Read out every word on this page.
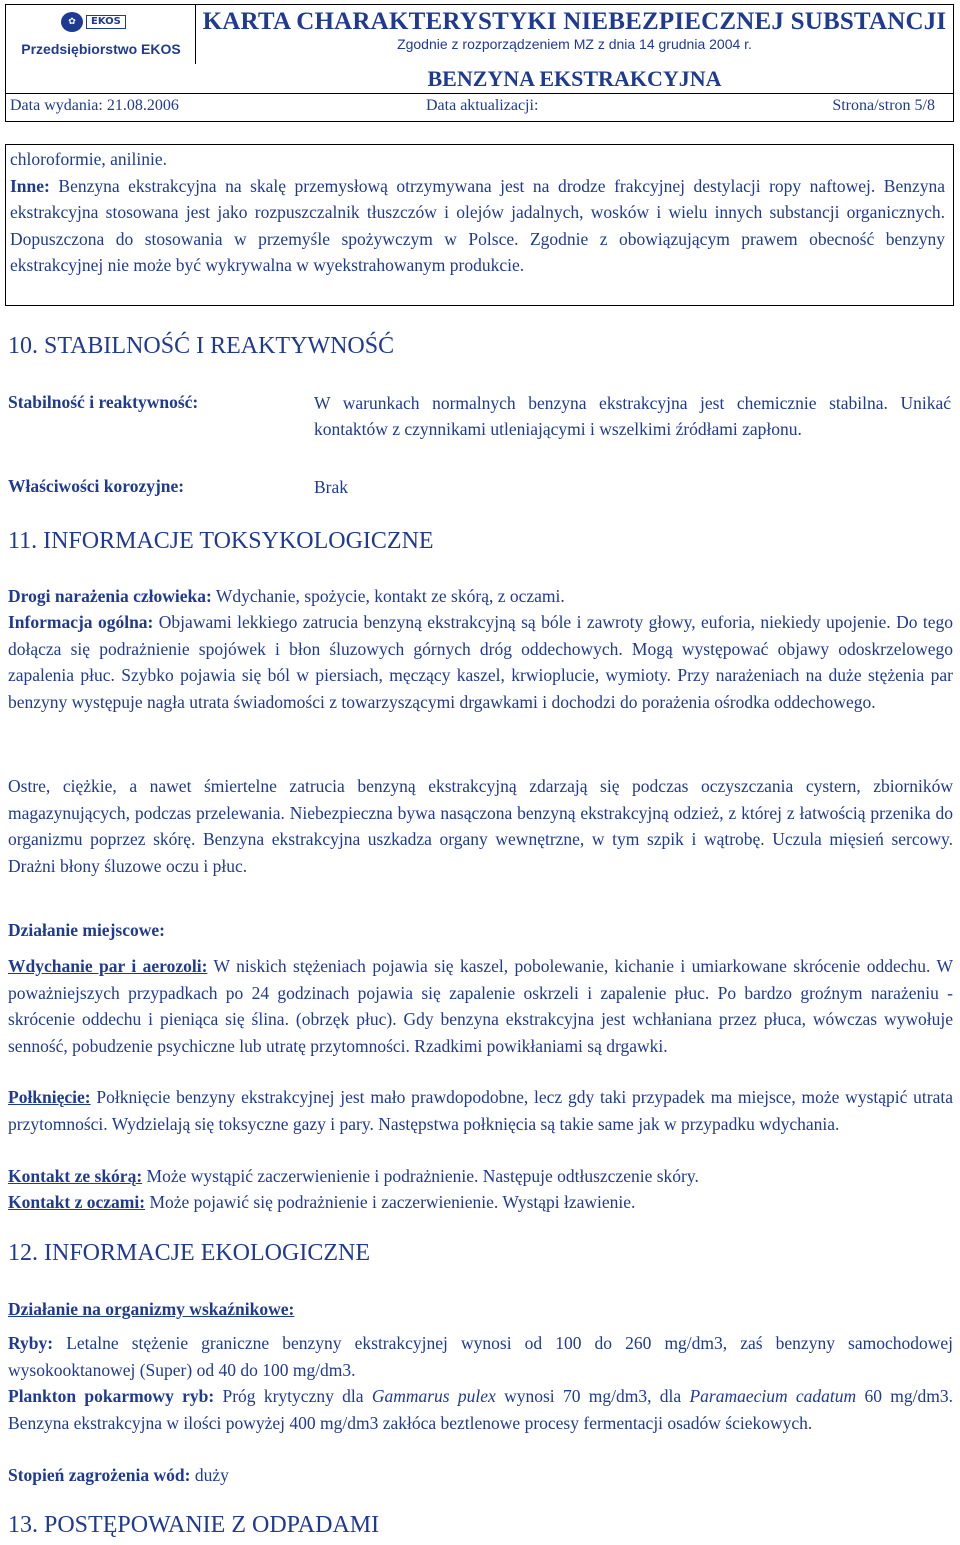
✿	EKOS
Przedsiębiorstwo EKOS
KARTA CHARAKTERYSTYKI NIEBEZPIECZNEJ SUBSTANCJI
Zgodnie z rozporządzeniem MZ z dnia 14 grudnia 2004 r.
BENZYNA EKSTRAKCYJNA
Data wydania: 21.08.2006	Data aktualizacji:	Strona/stron 5/8
chloroformie, anilinie.
Inne: Benzyna ekstrakcyjna na skalę przemysłową otrzymywana jest na drodze frakcyjnej destylacji ropy naftowej. Benzyna ekstrakcyjna stosowana jest jako rozpuszczalnik tłuszczów i olejów jadalnych, wosków i wielu innych substancji organicznych. Dopuszczona do stosowania w przemyśle spożywczym w Polsce. Zgodnie z obowiązującym prawem obecność benzyny ekstrakcyjnej nie może być wykrywalna w wyekstrahowanym produkcie.
10. STABILNOŚĆ I REAKTYWNOŚĆ
Stabilność i reaktywność:	W warunkach normalnych benzyna ekstrakcyjna jest chemicznie stabilna. Unikać kontaktów z czynnikami utleniającymi i wszelkimi źródłami zapłonu.
Właściwości korozyjne:	Brak
11. INFORMACJE TOKSYKOLOGICZNE
Drogi narażenia człowieka: Wdychanie, spożycie, kontakt ze skórą, z oczami.
Informacja ogólna: Objawami lekkiego zatrucia benzyną ekstrakcyjną są bóle i zawroty głowy, euforia, niekiedy upojenie. Do tego dołącza się podrażnienie spojówek i błon śluzowych górnych dróg oddechowych. Mogą występować objawy odoskrzelowego zapalenia płuc. Szybko pojawia się ból w piersiach, męczący kaszel, krwioplucie, wymioty. Przy narażeniach na duże stężenia par benzyny występuje nagła utrata świadomości z towarzyszącymi drgawkami i dochodzi do porażenia ośrodka oddechowego.
Ostre, ciężkie, a nawet śmiertelne zatrucia benzyną ekstrakcyjną zdarzają się podczas oczyszczania cystern, zbiorników magazynujących, podczas przelewania. Niebezpieczna bywa nasączona benzyną ekstrakcyjną odzież, z której z łatwością przenika do organizmu poprzez skórę. Benzyna ekstrakcyjna uszkadza organy wewnętrzne, w tym szpik i wątrobę. Uczula mięsień sercowy. Drażni błony śluzowe oczu i płuc.
Działanie miejscowe:
Wdychanie par i aerozoli: W niskich stężeniach pojawia się kaszel, pobolewanie, kichanie i umiarkowane skrócenie oddechu. W poważniejszych przypadkach po 24 godzinach pojawia się zapalenie oskrzeli i zapalenie płuc. Po bardzo groźnym narażeniu - skrócenie oddechu i pieniąca się ślina. (obrzęk płuc). Gdy benzyna ekstrakcyjna jest wchłaniana przez płuca, wówczas wywołuje senność, pobudzenie psychiczne lub utratę przytomności. Rzadkimi powikłaniami są drgawki.
Połknięcie: Połknięcie benzyny ekstrakcyjnej jest mało prawdopodobne, lecz gdy taki przypadek ma miejsce, może wystąpić utrata przytomności. Wydzielają się toksyczne gazy i pary. Następstwa połknięcia są takie same jak w przypadku wdychania.
Kontakt ze skórą: Może wystąpić zaczerwienienie i podrażnienie. Następuje odtłuszczenie skóry.
Kontakt z oczami: Może pojawić się podrażnienie i zaczerwienienie. Wystąpi łzawienie.
12. INFORMACJE EKOLOGICZNE
Działanie na organizmy wskaźnikowe:
Ryby: Letalne stężenie graniczne benzyny ekstrakcyjnej wynosi od 100 do 260 mg/dm3, zaś benzyny samochodowej wysokooktanowej (Super) od 40 do 100 mg/dm3.
Plankton pokarmowy ryb: Próg krytyczny dla Gammarus pulex wynosi 70 mg/dm3, dla Paramaecium cadatum 60 mg/dm3. Benzyna ekstrakcyjna w ilości powyżej 400 mg/dm3 zakłóca beztlenowe procesy fermentacji osadów ściekowych.
Stopień zagrożenia wód: duży
13. POSTĘPOWANIE Z ODPADAMI
